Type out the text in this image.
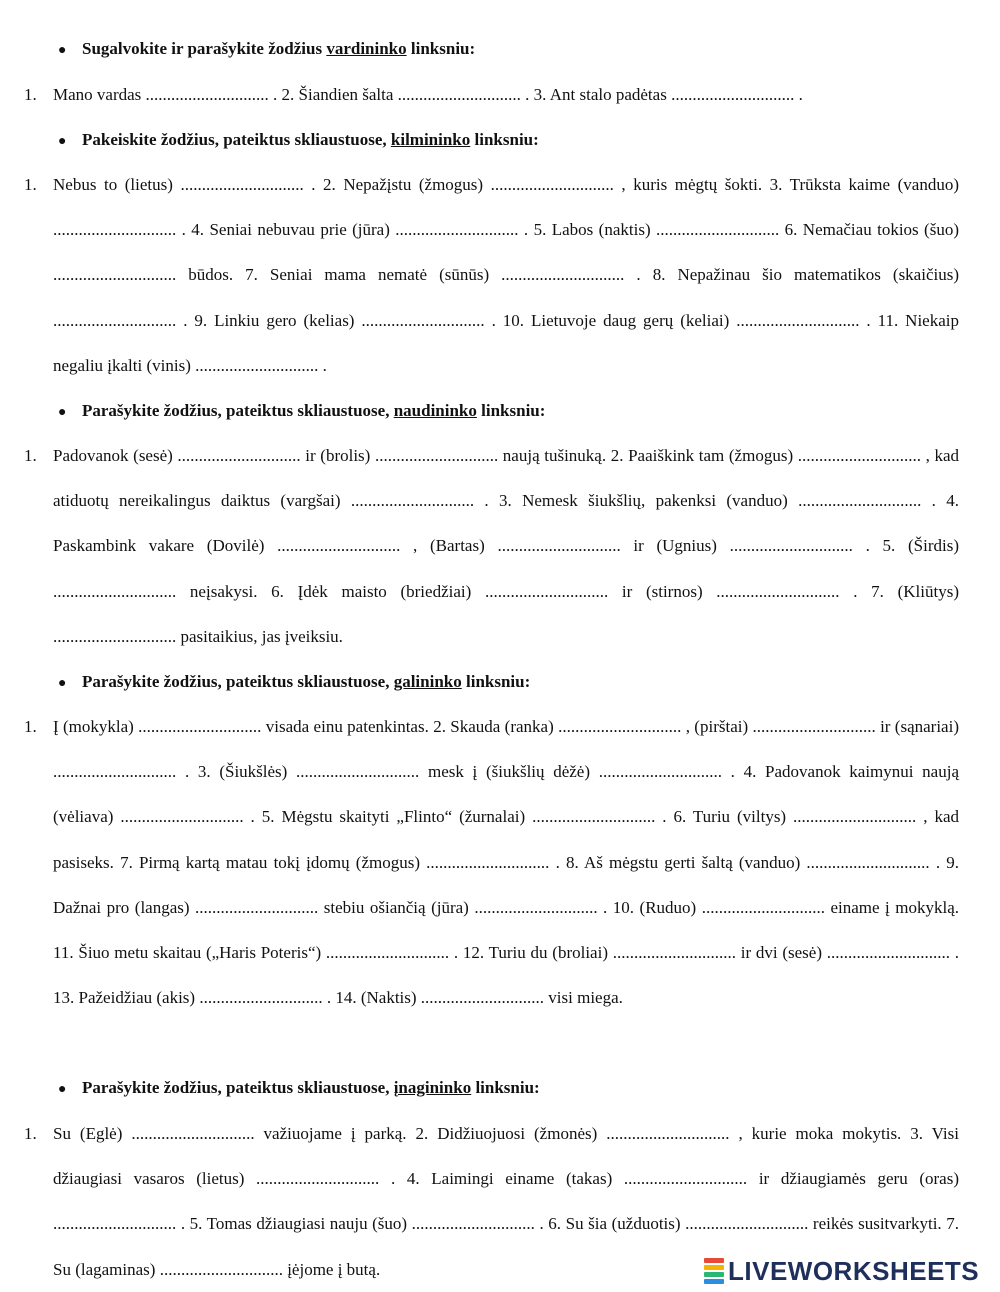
● Sugalvokite ir parašykite žodžius vardininko linksniu:
1. Mano vardas ............................. . 2. Šiandien šalta ............................. . 3. Ant stalo padėtas ............................. .
● Pakeiskite žodžius, pateiktus skliaustuose, kilmininko linksniu:
1. Nebus to (lietus) ............................. . 2. Nepažįstu (žmogus) ............................. , kuris mėgtų šokti. 3. Trūksta kaime (vanduo) ............................. . 4. Seniai nebuvau prie (jūra) ............................. . 5. Labos (naktis) ............................. 6. Nemačiau tokios (šuo) ............................. būdos. 7. Seniai mama nematė (sūnūs) ............................. . 8. Nepažinau šio matematikos (skaičius) ............................. . 9. Linkiu gero (kelias) ............................. . 10. Lietuvoje daug gerų (keliai) ............................. . 11. Niekaip negaliu įkalti (vinis) ............................. .
● Parašykite žodžius, pateiktus skliaustuose, naudininko linksniu:
1. Padovanok (sesė) ............................. ir (brolis) ............................. naują tušinuką. 2. Paaiškink tam (žmogus) ............................. , kad atiduotų nereikalingus daiktus (vargšai) ............................. . 3. Nemesk šiukšlių, pakenksi (vanduo) ............................. . 4. Paskambink vakare (Dovilė) ............................. , (Bartas) ............................. ir (Ugnius) ............................. . 5. (Širdis) ............................. neįsakysi. 6. Įdėk maisto (briedžiai) ............................. ir (stirnos) ............................. . 7. (Kliūtys) ............................. pasitaikius, jas įveiksiu.
● Parašykite žodžius, pateiktus skliaustuose, galininko linksniu:
1. Į (mokykla) ............................. visada einu patenkintas. 2. Skauda (ranka) ............................. , (pirštai) ............................. ir (sąnariai) ............................. . 3. (Šiukšlės) ............................. mesk į (šiukšlių dėžė) ............................. . 4. Padovanok kaimynui naują (vėliava) ............................. . 5. Mėgstu skaityti „Flinto“ (žurnalai) ............................. . 6. Turiu (viltys) ............................. , kad pasiseks. 7. Pirmą kartą matau tokį įdomų (žmogus) ............................. . 8. Aš mėgstu gerti šaltą (vanduo) ............................. . 9. Dažnai pro (langas) ............................. stebiu ošiančią (jūra) ............................. . 10. (Ruduo) ............................. einame į mokyklą. 11. Šiuo metu skaitau („Haris Poteris“) ............................. . 12. Turiu du (broliai) ............................. ir dvi (sesė) ............................. . 13. Pažeidžiau (akis) ............................. . 14. (Naktis) ............................. visi miega.
● Parašykite žodžius, pateiktus skliaustuose, įnagininko linksniu:
1. Su (Eglė) ............................. važiuojame į parką. 2. Didžiuojuosi (žmonės) ............................. , kurie moka mokytis. 3. Visi džiaugiasi vasaros (lietus) ............................. . 4. Laimingi einame (takas) ............................. ir džiaugiamės geru (oras) ............................. . 5. Tomas džiaugiasi nauju (šuo) ............................. . 6. Su šia (užduotis) ............................. reikės susitvarkyti. 7. Su (lagaminas) ............................. įėjome į butą.	LIVEWORKSHEETS
